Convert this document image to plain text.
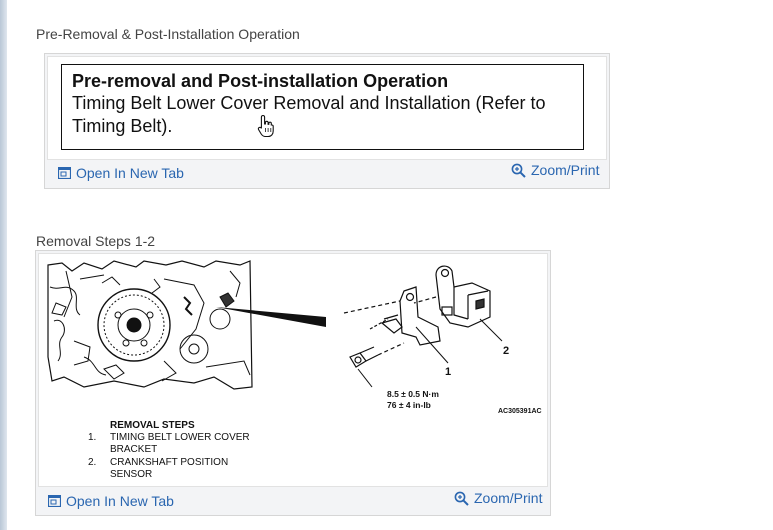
Pre-Removal & Post-Installation Operation
Pre-removal and Post-installation Operation
Timing Belt Lower Cover Removal and Installation (Refer to
Timing Belt).
Open In New Tab	Zoom/Print
Removal Steps 1-2
1
2
8.5 ± 0.5 N·m
76 ± 4 in-lb
AC305391AC
REMOVAL STEPS
1. TIMING BELT LOWER COVER
BRACKET
2. CRANKSHAFT POSITION
SENSOR
Open In New Tab	Zoom/Print
